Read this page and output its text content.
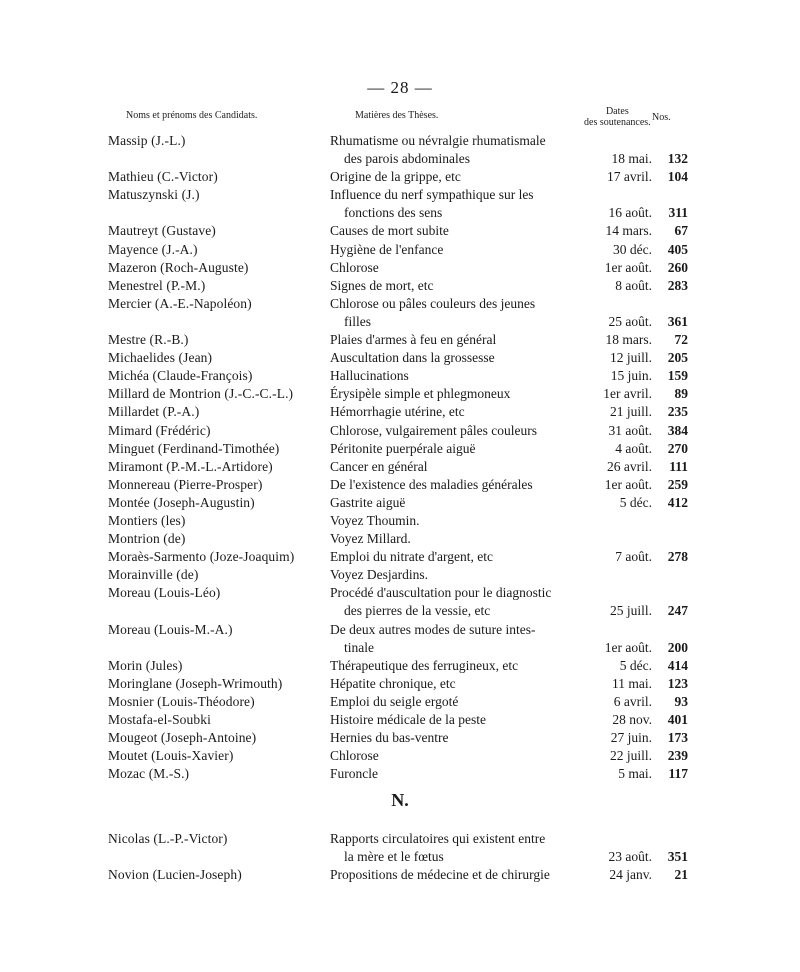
— 28 —
Noms et prénoms des Candidats.	Matières des Thèses.	Dates
des soutenances. Nos.
Massip (J.-L.)	Rhumatisme ou névralgie rhumatismale
des parois abdominales	18 mai.	132
Mathieu (C.-Victor)	Origine de la grippe, etc	17 avril.	104
Matuszynski (J.)	Influence du nerf sympathique sur les
fonctions des sens	16 août.	311
Mautreyt (Gustave)	Causes de mort subite	14 mars.	67
Mayence (J.-A.)	Hygiène de l'enfance	30 déc.	405
Mazeron (Roch-Auguste)	Chlorose	1er août.	260
Menestrel (P.-M.)	Signes de mort, etc	8 août.	283
Mercier (A.-E.-Napoléon)	Chlorose ou pâles couleurs des jeunes
filles	25 août.	361
Mestre (R.-B.)	Plaies d'armes à feu en général	18 mars.	72
Michaelides (Jean)	Auscultation dans la grossesse	12 juill.	205
Michéa (Claude-François)	Hallucinations	15 juin.	159
Millard de Montrion (J.-C.-C.-L.)	Érysipèle simple et phlegmoneux	1er avril.	89
Millardet (P.-A.)	Hémorrhagie utérine, etc	21 juill.	235
Mimard (Frédéric)	Chlorose, vulgairement pâles couleurs	31 août.	384
Minguet (Ferdinand-Timothée)	Péritonite puerpérale aiguë	4 août.	270
Miramont (P.-M.-L.-Artidore)	Cancer en général	26 avril.	111
Monnereau (Pierre-Prosper)	De l'existence des maladies générales	1er août.	259
Montée (Joseph-Augustin)	Gastrite aiguë	5 déc.	412
Montiers (les)	Voyez Thoumin.
Montrion (de)	Voyez Millard.
Moraès-Sarmento (Joze-Joaquim)	Emploi du nitrate d'argent, etc	7 août.	278
Morainville (de)	Voyez Desjardins.
Moreau (Louis-Léo)	Procédé d'auscultation pour le diagnostic
des pierres de la vessie, etc	25 juill.	247
Moreau (Louis-M.-A.)	De deux autres modes de suture intes-
tinale	1er août.	200
Morin (Jules)	Thérapeutique des ferrugineux, etc	5 déc.	414
Moringlane (Joseph-Wrimouth)	Hépatite chronique, etc	11 mai.	123
Mosnier (Louis-Théodore)	Emploi du seigle ergoté	6 avril.	93
Mostafa-el-Soubki	Histoire médicale de la peste	28 nov.	401
Mougeot (Joseph-Antoine)	Hernies du bas-ventre	27 juin.	173
Moutet (Louis-Xavier)	Chlorose	22 juill.	239
Mozac (M.-S.)	Furoncle	5 mai.	117
N.
Nicolas (L.-P.-Victor)	Rapports circulatoires qui existent entre
la mère et le fœtus	23 août.	351
Novion (Lucien-Joseph)	Propositions de médecine et de chirurgie	24 janv.	21
